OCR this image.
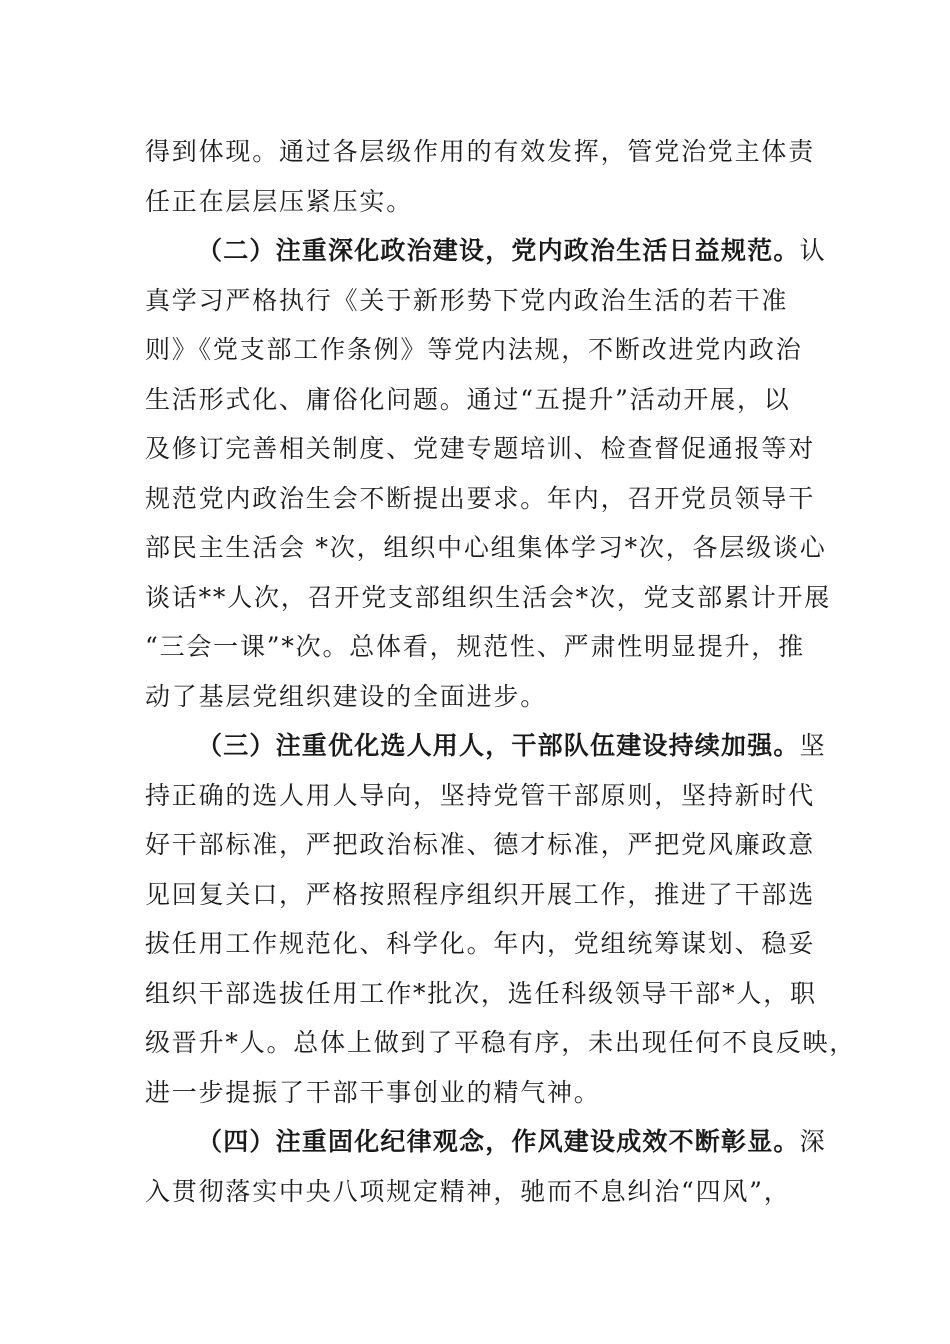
得到体现。通过各层级作用的有效发挥，管党治党主体责
任正在层层压紧压实。
（二）注重深化政治建设，党内政治生活日益规范。认
真学习严格执行《关于新形势下党内政治生活的若干准
则》《党支部工作条例》等党内法规，不断改进党内政治
生活形式化、庸俗化问题。通过“五提升”活动开展，以
及修订完善相关制度、党建专题培训、检查督促通报等对
规范党内政治生会不断提出要求。年内，召开党员领导干
部民主生活会 *次，组织中心组集体学习*次，各层级谈心
谈话**人次，召开党支部组织生活会*次，党支部累计开展
“三会一课”*次。总体看，规范性、严肃性明显提升，推
动了基层党组织建设的全面进步。
（三）注重优化选人用人，干部队伍建设持续加强。坚
持正确的选人用人导向，坚持党管干部原则，坚持新时代
好干部标准，严把政治标准、德才标准，严把党风廉政意
见回复关口，严格按照程序组织开展工作，推进了干部选
拔任用工作规范化、科学化。年内，党组统筹谋划、稳妥
组织干部选拔任用工作*批次，选任科级领导干部*人，职
级晋升*人。总体上做到了平稳有序，未出现任何不良反映，
进一步提振了干部干事创业的精气神。
（四）注重固化纪律观念，作风建设成效不断彰显。深
入贯彻落实中央八项规定精神，驰而不息纠治“四风”，
